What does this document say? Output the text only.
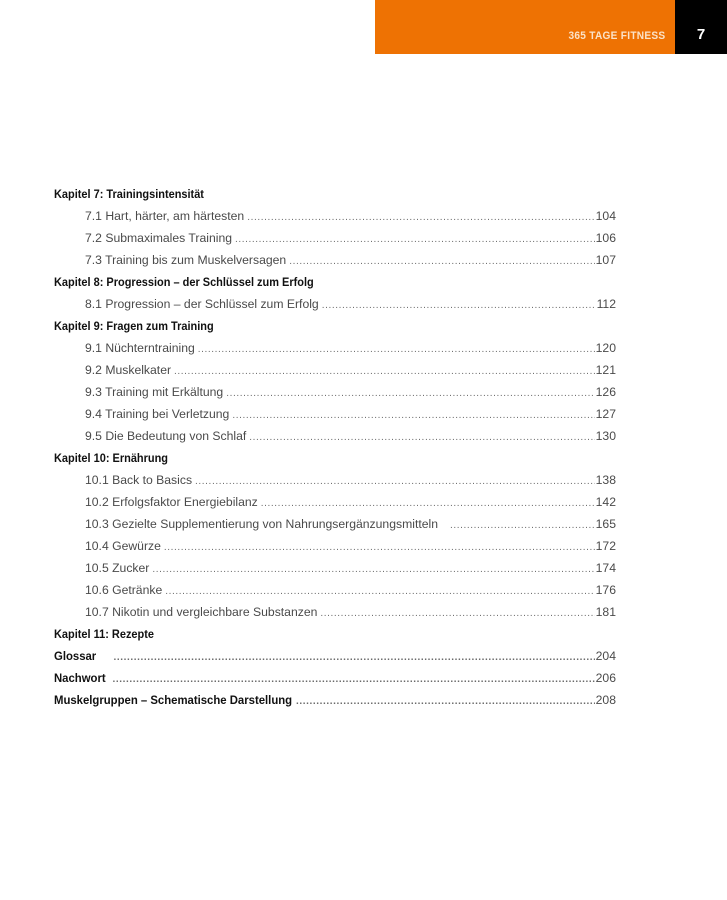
365 TAGE FITNESS	7
Kapitel 7: Trainingsintensität
7.1 Hart, härter, am härtesten .....	104
7.2 Submaximales Training .....	106
7.3 Training bis zum Muskelversagen .....	107
Kapitel 8: Progression – der Schlüssel zum Erfolg
8.1 Progression – der Schlüssel zum Erfolg .....	112
Kapitel 9: Fragen zum Training
9.1 Nüchterntraining .....	120
9.2 Muskelkater .....	121
9.3 Training mit Erkältung .....	126
9.4 Training bei Verletzung .....	127
9.5 Die Bedeutung von Schlaf .....	130
Kapitel 10: Ernährung
10.1 Back to Basics .....	138
10.2 Erfolgsfaktor Energiebilanz .....	142
10.3 Gezielte Supplementierung von Nahrungsergänzungsmitteln .....	165
10.4 Gewürze .....	172
10.5 Zucker .....	174
10.6 Getränke .....	176
10.7 Nikotin und vergleichbare Substanzen .....	181
Kapitel 11: Rezepte
Glossar .....	204
Nachwort .....	206
Muskelgruppen – Schematische Darstellung .....	208
